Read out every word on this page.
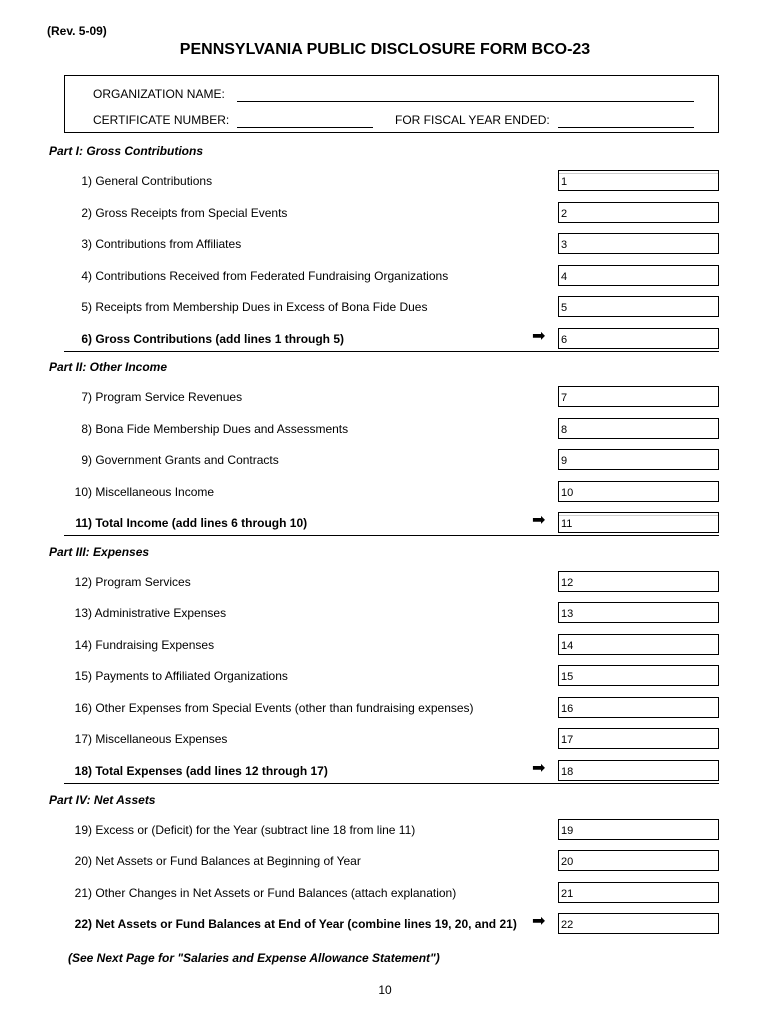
(Rev. 5-09)
PENNSYLVANIA PUBLIC DISCLOSURE FORM BCO-23
ORGANIZATION NAME:
CERTIFICATE NUMBER:	FOR FISCAL YEAR ENDED:
Part I: Gross Contributions
1) General Contributions	1
2) Gross Receipts from Special Events	2
3) Contributions from Affiliates	3
4) Contributions Received from Federated Fundraising Organizations	4
5) Receipts from Membership Dues in Excess of Bona Fide Dues	5
6) Gross Contributions (add lines 1 through 5)	➡ 6
Part II: Other Income
7) Program Service Revenues	7
8) Bona Fide Membership Dues and Assessments	8
9) Government Grants and Contracts	9
10) Miscellaneous Income	10
11) Total Income (add lines 6 through 10)	➡ 11
Part III: Expenses
12) Program Services	12
13) Administrative Expenses	13
14) Fundraising Expenses	14
15) Payments to Affiliated Organizations	15
16) Other Expenses from Special Events (other than fundraising expenses)	16
17) Miscellaneous Expenses	17
18) Total Expenses (add lines 12 through 17)	➡ 18
Part IV: Net Assets
19) Excess or (Deficit) for the Year (subtract line 18 from line 11)	19
20) Net Assets or Fund Balances at Beginning of Year	20
21) Other Changes in Net Assets or Fund Balances (attach explanation)	21
22) Net Assets or Fund Balances at End of Year (combine lines 19, 20, and 21) ➡ 22
(See Next Page for "Salaries and Expense Allowance Statement")
10
